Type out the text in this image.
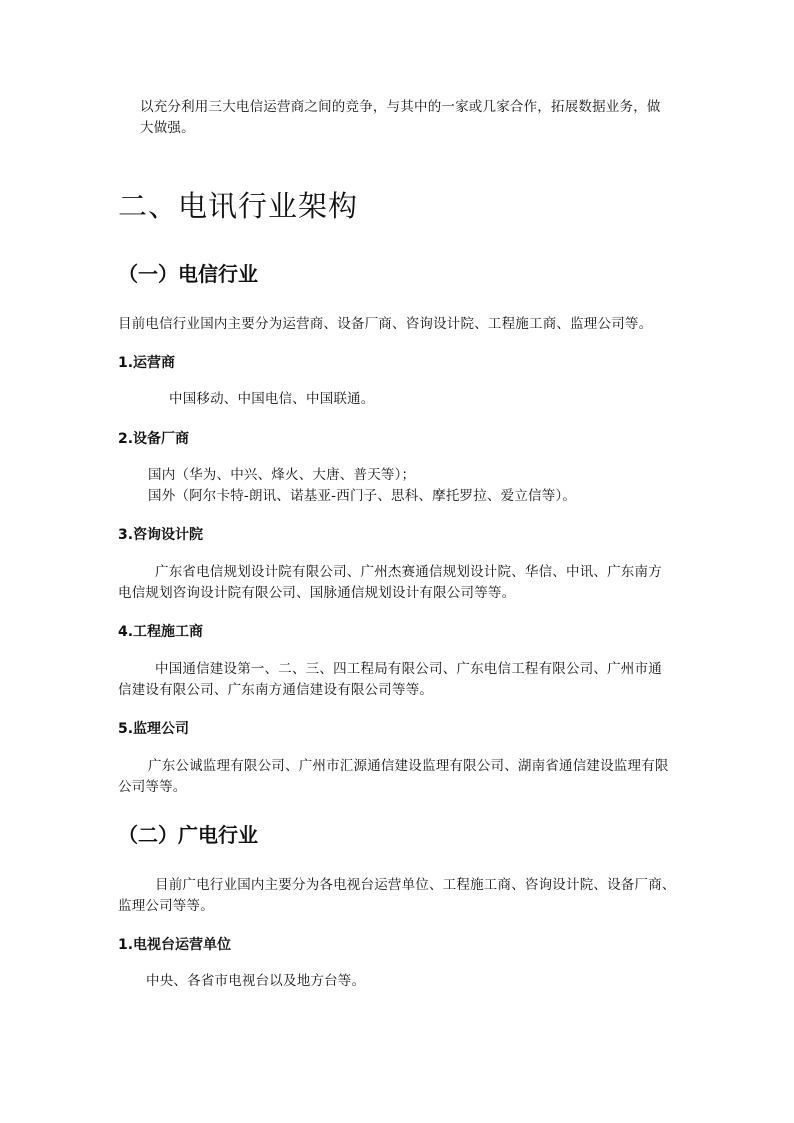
以充分利用三大电信运营商之间的竞争，与其中的一家或几家合作，拓展数据业务，做

大做强。

二、电讯行业架构
（一）电信行业

目前电信行业国内主要分为运营商、设备厂商、咨询设计院、工程施工商、监理公司等。

1.运营商

中国移动、中国电信、中国联通。

2.设备厂商

国内（华为、中兴、烽火、大唐、普天等）；

国外（阿尔卡特-朗讯、诺基亚-西门子、思科、摩托罗拉、爱立信等）。

3.咨询设计院

广东省电信规划设计院有限公司、广州杰赛通信规划设计院、华信、中讯、广东南方

电信规划咨询设计院有限公司、国脉通信规划设计有限公司等等。

4.工程施工商

中国通信建设第一、二、三、四工程局有限公司、广东电信工程有限公司、广州市通

信建设有限公司、广东南方通信建设有限公司等等。

5.监理公司

广东公诚监理有限公司、广州市汇源通信建设监理有限公司、湖南省通信建设监理有限

公司等等。

（二）广电行业

目前广电行业国内主要分为各电视台运营单位、工程施工商、咨询设计院、设备厂商、

监理公司等等。

1.电视台运营单位

中央、各省市电视台以及地方台等。
